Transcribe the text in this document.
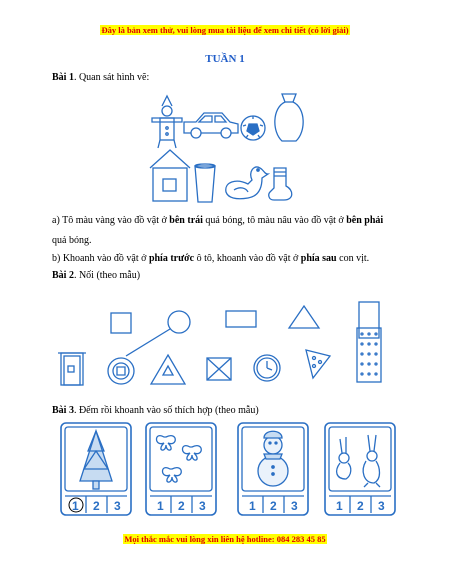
Đây là bản xem thử, vui lòng mua tài liệu để xem chi tiết (có lời giải)
TUẦN 1
Bài 1. Quan sát hình vẽ:
a) Tô màu vàng vào đồ vật ở bên trái quả bóng, tô màu nâu vào đồ vật ở bên phải
quả bóng.
b) Khoanh vào đồ vật ở phía trước ô tô, khoanh vào đồ vật ở phía sau con vịt.
Bài 2. Nối (theo mẫu)
Bài 3. Đếm rồi khoanh vào số thích hợp (theo mẫu)
1 2 3	1 2 3	1 2 3	1 2 3
Mọi thắc mắc vui lòng xin liên hệ hotline: 084 283 45 85
